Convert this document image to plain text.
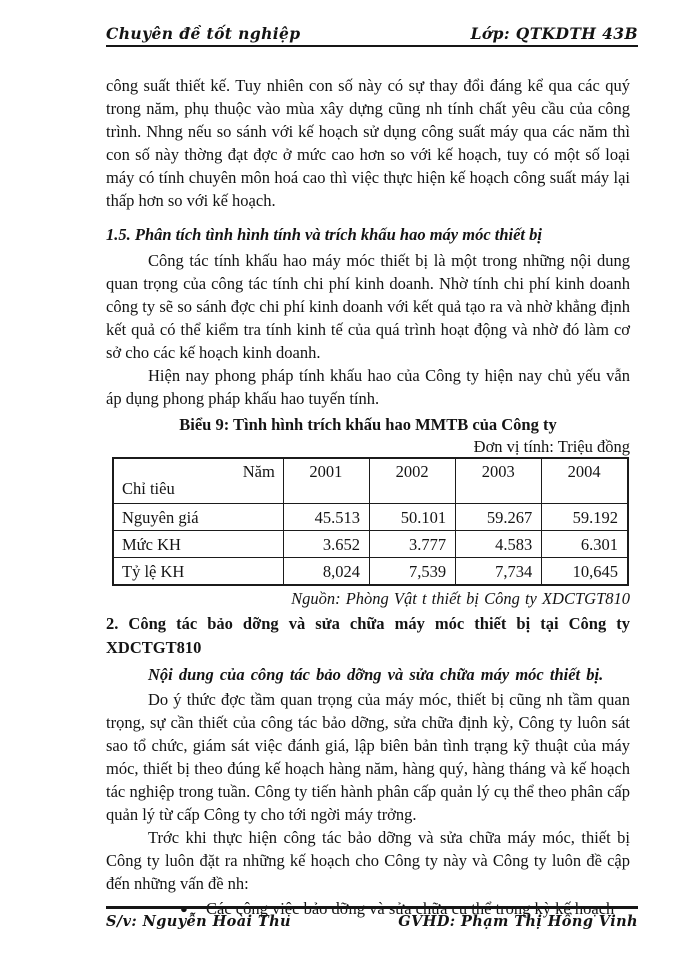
Chuyên đề tốt nghiệp	Lớp: QTKDTH 43B

công suất thiết kế. Tuy nhiên con số này có sự thay đổi đáng kể qua các quý trong năm, phụ thuộc vào mùa xây dựng cũng nh tính chất yêu cầu của công trình. Nhng nếu so sánh với kế hoạch sử dụng công suất máy qua các năm thì con số này thờng đạt đợc ở mức cao hơn so với kế hoạch, tuy có một số loại máy có tính chuyên môn hoá cao thì việc thực hiện kế hoạch công suất máy lại thấp hơn so với kế hoạch.

1.5. Phân tích tình hình tính và trích khấu hao máy móc thiết bị

Công tác tính khấu hao máy móc thiết bị là một trong những nội dung quan trọng của công tác tính chi phí kinh doanh. Nhờ tính chi phí kinh doanh công ty sẽ so sánh đợc chi phí kinh doanh với kết quả tạo ra và nhờ khẳng định kết quả có thể kiểm tra tính kinh tế của quá trình hoạt động và nhờ đó làm cơ sở cho các kế hoạch kinh doanh.

Hiện nay phong pháp tính khấu hao của Công ty hiện nay chủ yếu vẫn áp dụng phong pháp khấu hao tuyến tính.

Biểu 9: Tình hình trích khấu hao MMTB của Công ty

Đơn vị tính: Triệu đồng

Năm
Chỉ tiêu	2001	2002	2003	2004
Nguyên giá	45.513	50.101	59.267	59.192
Mức KH	3.652	3.777	4.583	6.301
Tỷ lệ KH	8,024	7,539	7,734	10,645

Nguồn: Phòng Vật t thiết bị Công ty XDCTGT810

2. Công tác bảo dỡng và sửa chữa máy móc thiết bị tại Công ty XDCTGT810

Nội dung của công tác bảo dỡng và sửa chữa máy móc thiết bị.

Do ý thức đợc tầm quan trọng của máy móc, thiết bị cũng nh tầm quan trọng, sự cần thiết của công tác bảo dỡng, sửa chữa định kỳ, Công ty luôn sát sao tổ chức, giám sát việc đánh giá, lập biên bản tình trạng kỹ thuật của máy móc, thiết bị theo đúng kế hoạch hàng năm, hàng quý, hàng tháng và kế hoạch tác nghiệp trong tuần. Công ty tiến hành phân cấp quản lý cụ thể theo phân cấp quản lý từ cấp Công ty cho tới ngời máy trởng.

Trớc khi thực hiện công tác bảo dỡng và sửa chữa máy móc, thiết bị Công ty luôn đặt ra những kế hoạch cho Công ty này và Công ty luôn đề cập đến những vấn đề nh:

●	Các công việc bảo dỡng và sửa chữa cụ thể trong kỳ kế hoạch
S/v: Nguyễn Hoài Thu	GVHD: Phạm Thị Hồng Vinh
